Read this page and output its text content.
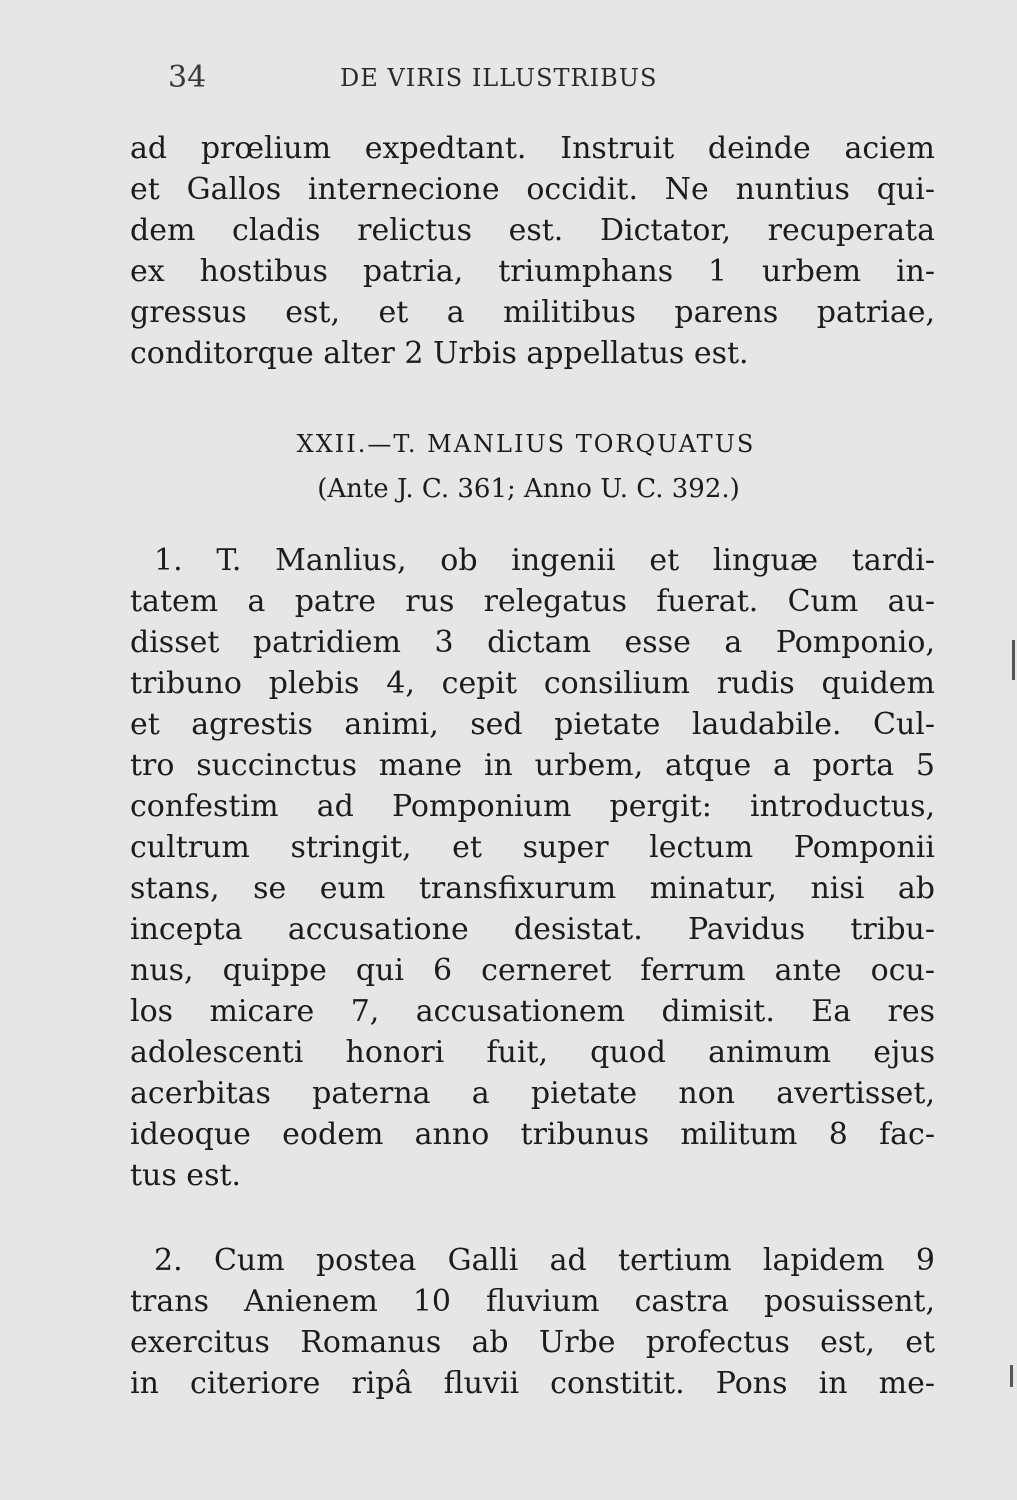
34	DE VIRIS ILLUSTRIBUS
ad prœlium expedtant. Instruit deinde aciem
et Gallos internecione occidit. Ne nuntius qui-
dem cladis relictus est. Dictator, recuperata
ex hostibus patria, triumphans 1 urbem in-
gressus est, et a militibus parens patriae,
conditorque alter 2 Urbis appellatus est.
XXII.—T. MANLIUS TORQUATUS
(Ante J. C. 361; Anno U. C. 392.)
1. T. Manlius, ob ingenii et linguæ tardi-
tatem a patre rus relegatus fuerat. Cum au-
disset patridiem 3 dictam esse a Pomponio,
tribuno plebis 4, cepit consilium rudis quidem
et agrestis animi, sed pietate laudabile. Cul-
tro succinctus mane in urbem, atque a porta 5
confestim ad Pomponium pergit: introductus,
cultrum stringit, et super lectum Pomponii
stans, se eum transfixurum minatur, nisi ab
incepta accusatione desistat. Pavidus tribu-
nus, quippe qui 6 cerneret ferrum ante ocu-
los micare 7, accusationem dimisit. Ea res
adolescenti honori fuit, quod animum ejus
acerbitas paterna a pietate non avertisset,
ideoque eodem anno tribunus militum 8 fac-
tus est.
2. Cum postea Galli ad tertium lapidem 9
trans Anienem 10 fluvium castra posuissent,
exercitus Romanus ab Urbe profectus est, et
in citeriore ripâ fluvii constitit. Pons in me-
